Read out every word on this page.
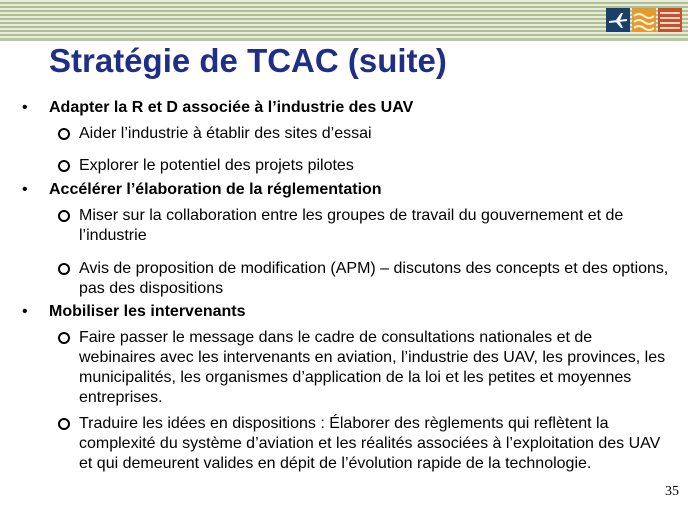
Stratégie de TCAC (suite)
• Adapter la R et D associée à l’industrie des UAV
Aider l’industrie à établir des sites d’essai
Explorer le potentiel des projets pilotes
• Accélérer l’élaboration de la réglementation
Miser sur la collaboration entre les groupes de travail du gouvernement et de l’industrie
Avis de proposition de modification (APM) – discutons des concepts et des options, pas des dispositions
• Mobiliser les intervenants
Faire passer le message dans le cadre de consultations nationales et de webinaires avec les intervenants en aviation, l’industrie des UAV, les provinces, les municipalités, les organismes d’application de la loi et les petites et moyennes entreprises.
Traduire les idées en dispositions : Élaborer des règlements qui reflètent la complexité du système d’aviation et les réalités associées à l’exploitation des UAV et qui demeurent valides en dépit de l’évolution rapide de la technologie.
35
